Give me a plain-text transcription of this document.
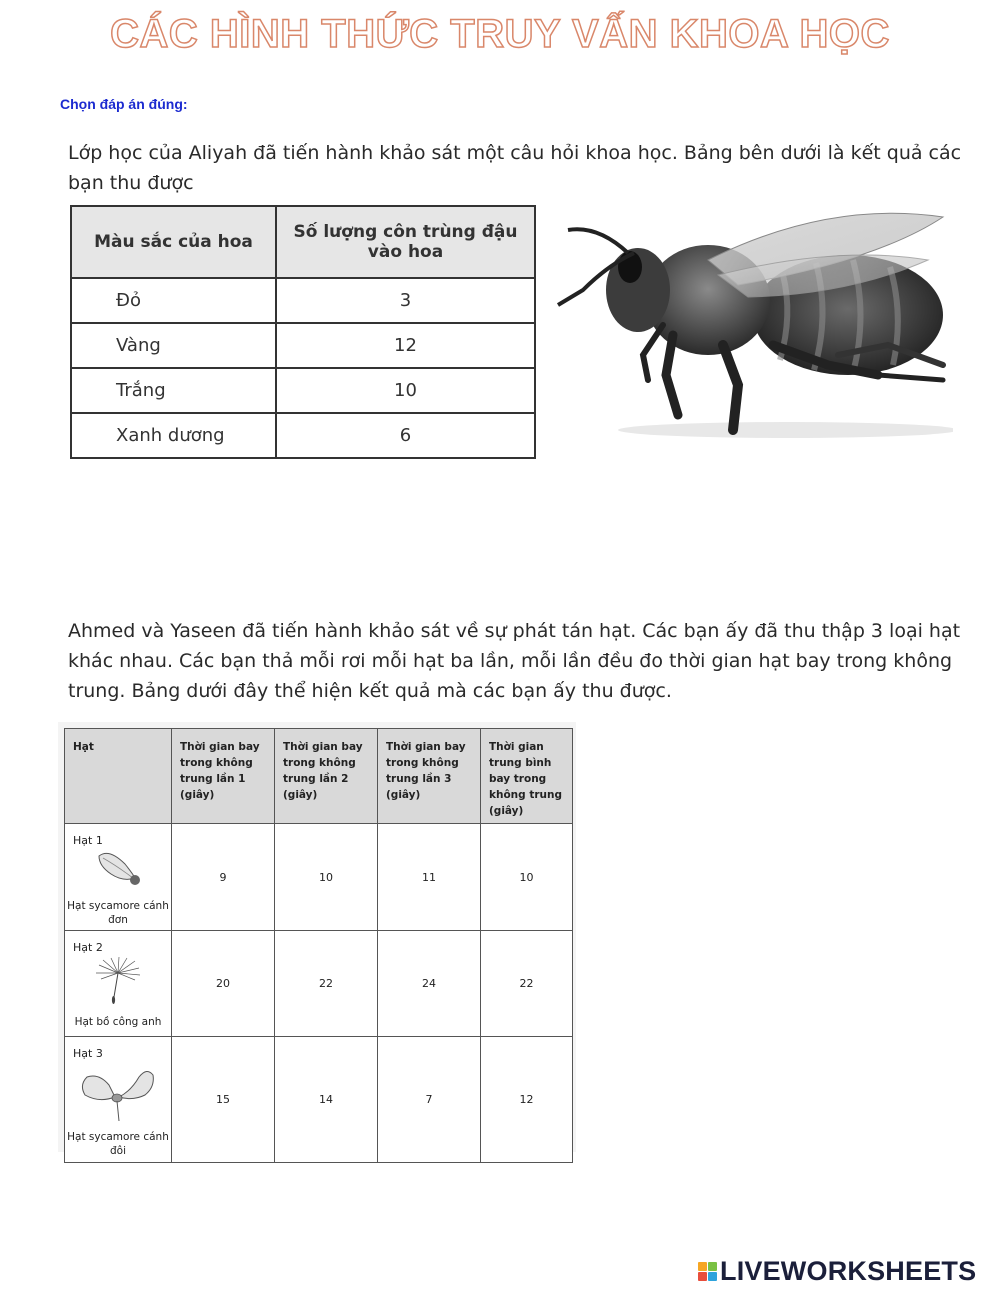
CÁC HÌNH THỨC TRUY VẤN KHOA HỌC
Chọn đáp án đúng:
Lớp học của Aliyah đã tiến hành khảo sát một câu hỏi khoa học. Bảng bên dưới là kết quả các bạn thu được
Màu sắc của hoa	Số lượng côn trùng đậu vào hoa
Đỏ	3
Vàng	12
Trắng	10
Xanh dương	6
Ahmed và Yaseen đã tiến hành khảo sát về sự phát tán hạt. Các bạn ấy đã thu thập 3 loại hạt khác nhau. Các bạn thả mỗi rơi mỗi hạt ba lần, mỗi lần đều đo thời gian hạt bay trong không trung. Bảng dưới đây thể hiện kết quả mà các bạn ấy thu được.
Hạt	Thời gian bay trong không trung lần 1 (giây)	Thời gian bay trong không trung lần 2 (giây)	Thời gian bay trong không trung lần 3 (giây)	Thời gian trung bình bay trong không trung (giây)

Hạt 1
Hạt sycamore cánh đơn	9	10	11	10

Hạt 2
Hạt bồ công anh	20	22	24	22

Hạt 3
Hạt sycamore cánh đôi	15	14	7	12
LIVEWORKSHEETS
